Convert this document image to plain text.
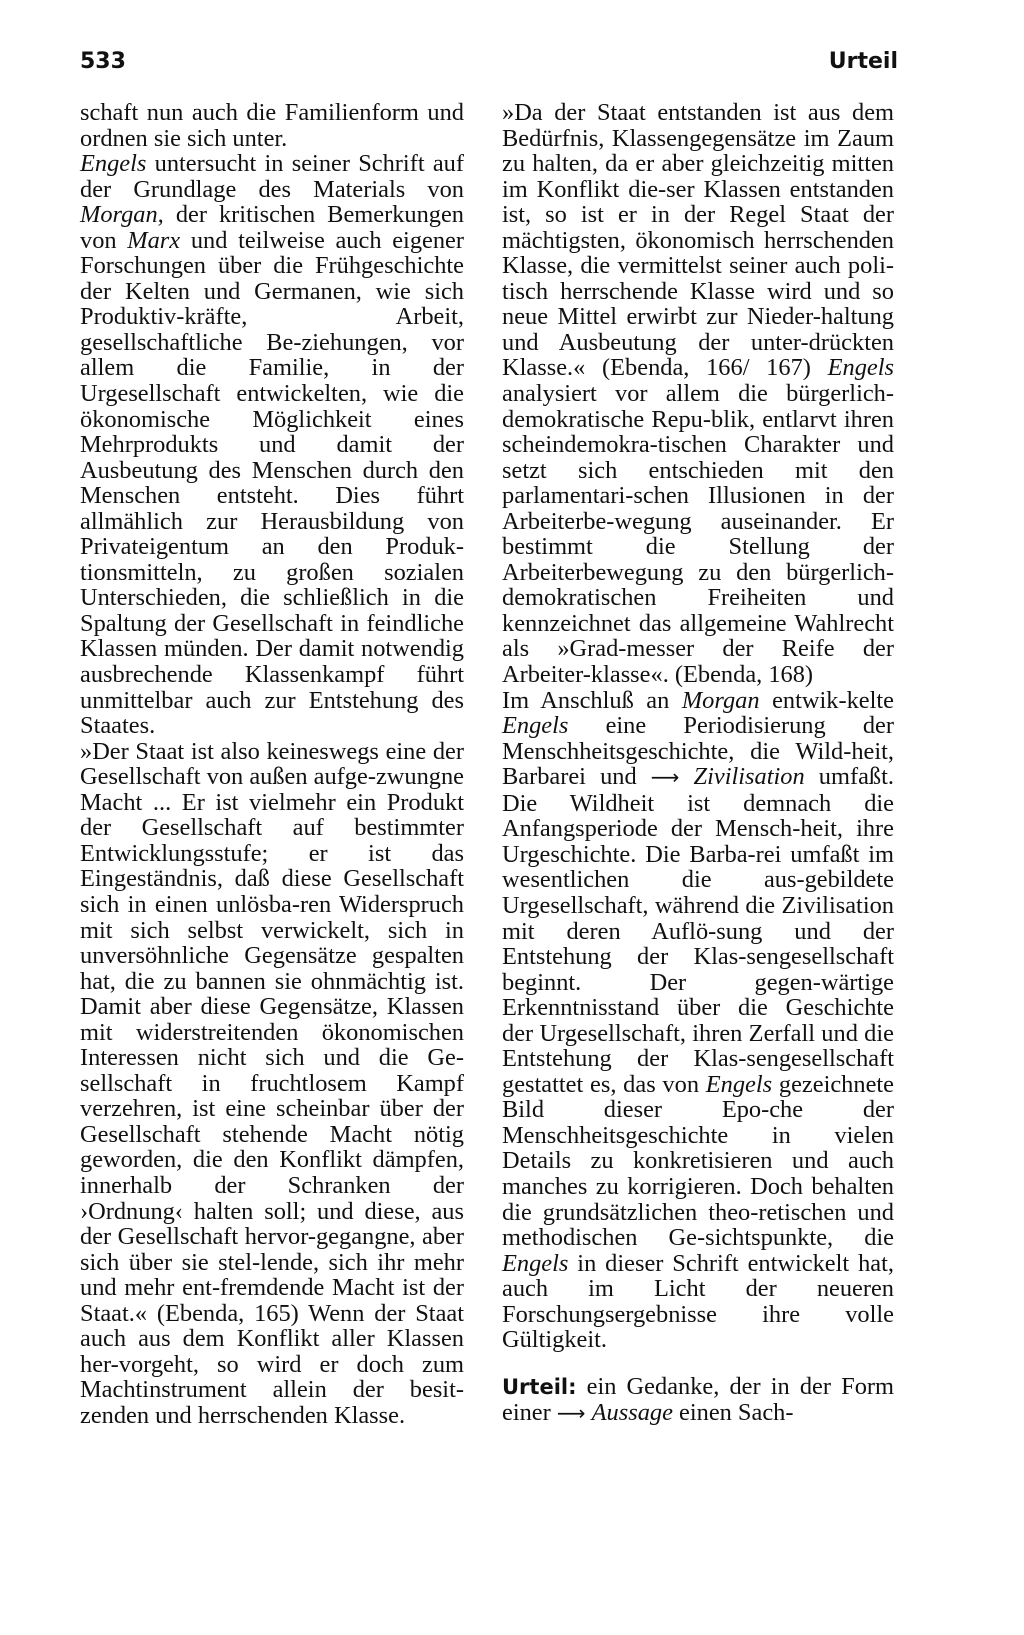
533	Urteil

schaft nun auch die Familienform und ordnen sie sich unter.

Engels untersucht in seiner Schrift auf der Grundlage des Materials von Morgan, der kritischen Bemerkungen von Marx und teilweise auch eigener Forschungen über die Frühgeschichte der Kelten und Germanen, wie sich Produktiv-kräfte, Arbeit, gesellschaftliche Be-ziehungen, vor allem die Familie, in der Urgesellschaft entwickelten, wie die ökonomische Möglichkeit eines Mehrprodukts und damit der Ausbeutung des Menschen durch den Menschen entsteht. Dies führt allmählich zur Herausbildung von Privateigentum an den Produk-tionsmitteln, zu großen sozialen Unterschieden, die schließlich in die Spaltung der Gesellschaft in feindliche Klassen münden. Der damit notwendig ausbrechende Klassenkampf führt unmittelbar auch zur Entstehung des Staates.

»Der Staat ist also keineswegs eine der Gesellschaft von außen aufge-zwungne Macht ... Er ist vielmehr ein Produkt der Gesellschaft auf bestimmter Entwicklungsstufe; er ist das Eingeständnis, daß diese Gesellschaft sich in einen unlösba-ren Widerspruch mit sich selbst verwickelt, sich in unversöhnliche Gegensätze gespalten hat, die zu bannen sie ohnmächtig ist. Damit aber diese Gegensätze, Klassen mit widerstreitenden ökonomischen Interessen nicht sich und die Ge-sellschaft in fruchtlosem Kampf verzehren, ist eine scheinbar über der Gesellschaft stehende Macht nötig geworden, die den Konflikt dämpfen, innerhalb der Schranken der ›Ordnung‹ halten soll; und diese, aus der Gesellschaft hervor-gegangne, aber sich über sie stel-lende, sich ihr mehr und mehr ent-fremdende Macht ist der Staat.« (Ebenda, 165) Wenn der Staat auch aus dem Konflikt aller Klassen her-vorgeht, so wird er doch zum Machtinstrument allein der besit-zenden und herrschenden Klasse.

»Da der Staat entstanden ist aus dem Bedürfnis, Klassengegensätze im Zaum zu halten, da er aber gleichzeitig mitten im Konflikt die-ser Klassen entstanden ist, so ist er in der Regel Staat der mächtigsten, ökonomisch herrschenden Klasse, die vermittelst seiner auch poli-tisch herrschende Klasse wird und so neue Mittel erwirbt zur Nieder-haltung und Ausbeutung der unter-drückten Klasse.« (Ebenda, 166/ 167) Engels analysiert vor allem die bürgerlich-demokratische Repu-blik, entlarvt ihren scheindemokra-tischen Charakter und setzt sich entschieden mit den parlamentari-schen Illusionen in der Arbeiterbe-wegung auseinander. Er bestimmt die Stellung der Arbeiterbewegung zu den bürgerlich-demokratischen Freiheiten und kennzeichnet das allgemeine Wahlrecht als »Grad-messer der Reife der Arbeiter-klasse«. (Ebenda, 168)

Im Anschluß an Morgan entwik-kelte Engels eine Periodisierung der Menschheitsgeschichte, die Wild-heit, Barbarei und ⟶ Zivilisation umfaßt. Die Wildheit ist demnach die Anfangsperiode der Mensch-heit, ihre Urgeschichte. Die Barba-rei umfaßt im wesentlichen die aus-gebildete Urgesellschaft, während die Zivilisation mit deren Auflö-sung und der Entstehung der Klas-sengesellschaft beginnt. Der gegen-wärtige Erkenntnisstand über die Geschichte der Urgesellschaft, ihren Zerfall und die Entstehung der Klas-sengesellschaft gestattet es, das von Engels gezeichnete Bild dieser Epo-che der Menschheitsgeschichte in vielen Details zu konkretisieren und auch manches zu korrigieren. Doch behalten die grundsätzlichen theo-retischen und methodischen Ge-sichtspunkte, die Engels in dieser Schrift entwickelt hat, auch im Licht der neueren Forschungsergebnisse ihre volle Gültigkeit.

Urteil: ein Gedanke, der in der Form einer ⟶ Aussage einen Sach-
